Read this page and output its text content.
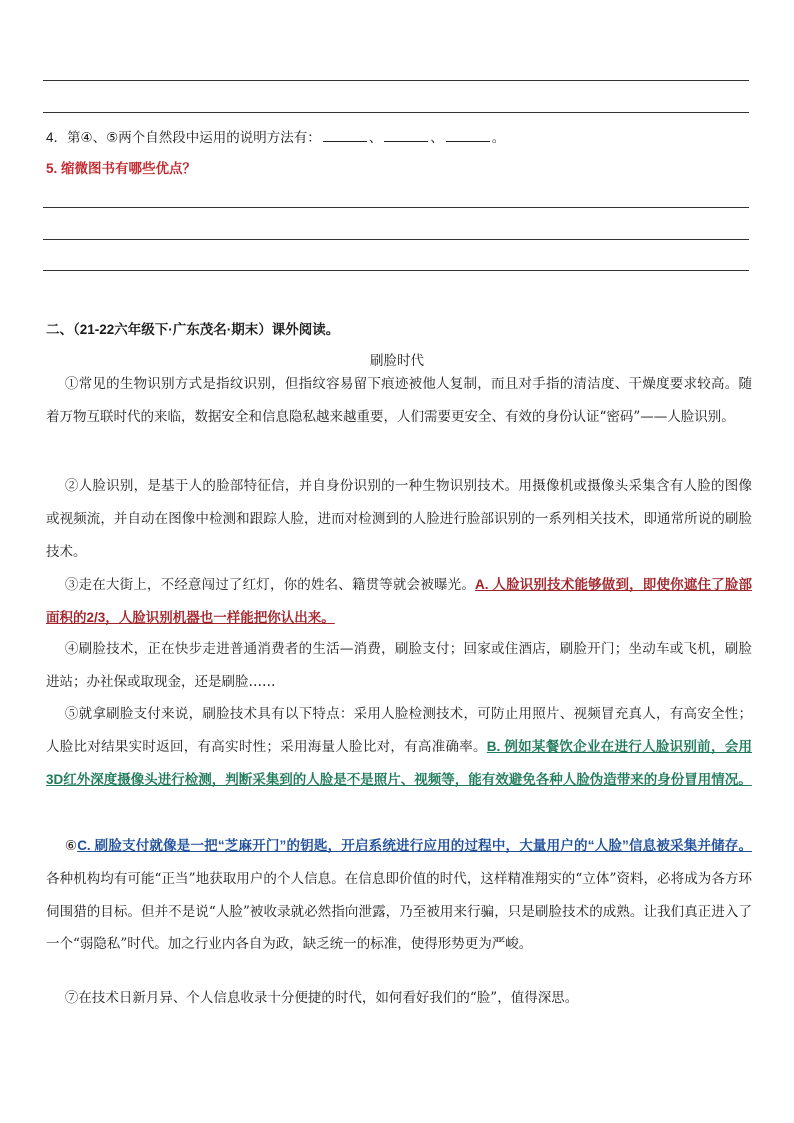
4．第④、⑤两个自然段中运用的说明方法有：	、	、	。
5. 缩微图书有哪些优点？
二、（21-22六年级下·广东茂名·期末）课外阅读。
刷脸时代
①常见的生物识别方式是指纹识别，但指纹容易留下痕迹被他人复制，而且对手指的清洁度、干燥度要求较高。随着万物互联时代的来临，数据安全和信息隐私越来越重要，人们需要更安全、有效的身份认证“密码”——人脸识别。
②人脸识别，是基于人的脸部特征信，并自身份识别的一种生物识别技术。用摄像机或摄像头采集含有人脸的图像或视频流，并自动在图像中检测和跟踪人脸，进而对检测到的人脸进行脸部识别的一系列相关技术，即通常所说的刷脸技术。
③走在大街上，不经意闯过了红灯，你的姓名、籍贯等就会被曝光。A. 人脸识别技术能够做到，即使你遮住了脸部面积的2/3，人脸识别机器也一样能把你认出来。
④刷脸技术，正在快步走进普通消费者的生活—消费，刷脸支付；回家或住酒店，刷脸开门；坐动车或飞机，刷脸进站；办社保或取现金，还是刷脸……
⑤就拿刷脸支付来说，刷脸技术具有以下特点：采用人脸检测技术，可防止用照片、视频冒充真人，有高安全性；人脸比对结果实时返回，有高实时性；采用海量人脸比对，有高准确率。B. 例如某餐饮企业在进行人脸识别前，会用3D红外深度摄像头进行检测，判断采集到的人脸是不是照片、视频等，能有效避免各种人脸伪造带来的身份冒用情况。
⑥C. 刷脸支付就像是一把“芝麻开门”的钥匙，开启系统进行应用的过程中，大量用户的“人脸”信息被采集并储存。各种机构均有可能“正当”地获取用户的个人信息。在信息即价值的时代，这样精准翔实的“立体”资料，必将成为各方环伺围猎的目标。但并不是说“人脸”被收录就必然指向泄露，乃至被用来行骗，只是刷脸技术的成熟。让我们真正进入了一个“弱隐私”时代。加之行业内各自为政，缺乏统一的标准，使得形势更为严峻。
⑦在技术日新月异、个人信息收录十分便捷的时代，如何看好我们的“脸”，值得深思。
